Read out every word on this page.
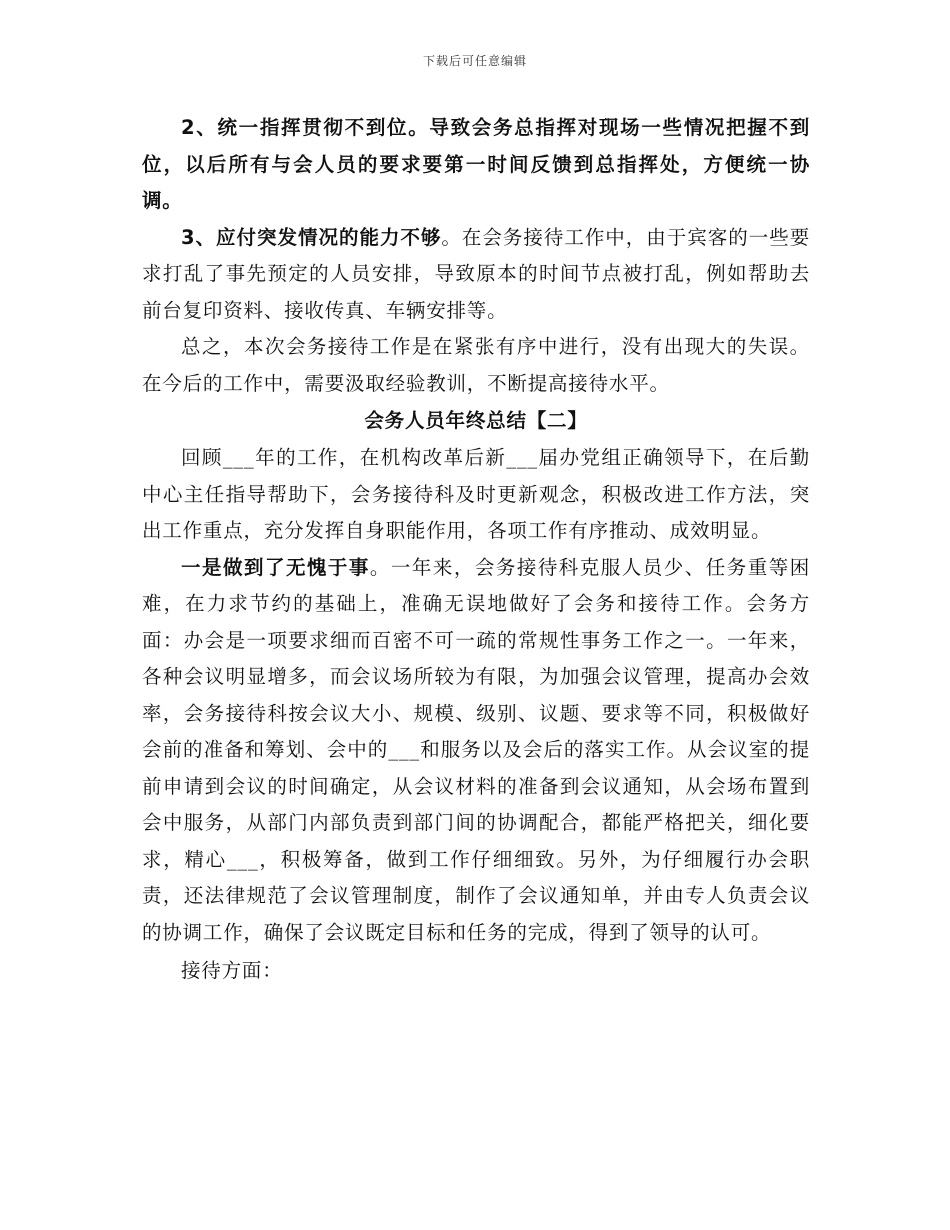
下载后可任意编辑

2、统一指挥贯彻不到位。导致会务总指挥对现场一些情况把握不到位，以后所有与会人员的要求要第一时间反馈到总指挥处，方便统一协调。

3、应付突发情况的能力不够。在会务接待工作中，由于宾客的一些要求打乱了事先预定的人员安排，导致原本的时间节点被打乱，例如帮助去前台复印资料、接收传真、车辆安排等。

总之，本次会务接待工作是在紧张有序中进行，没有出现大的失误。在今后的工作中，需要汲取经验教训，不断提高接待水平。

会务人员年终总结【二】

回顾___年的工作，在机构改革后新___届办党组正确领导下，在后勤中心主任指导帮助下，会务接待科及时更新观念，积极改进工作方法，突出工作重点，充分发挥自身职能作用，各项工作有序推动、成效明显。

一是做到了无愧于事。一年来，会务接待科克服人员少、任务重等困难，在力求节约的基础上，准确无误地做好了会务和接待工作。会务方面：办会是一项要求细而百密不可一疏的常规性事务工作之一。一年来，各种会议明显增多，而会议场所较为有限，为加强会议管理，提高办会效率，会务接待科按会议大小、规模、级别、议题、要求等不同，积极做好会前的准备和筹划、会中的___和服务以及会后的落实工作。从会议室的提前申请到会议的时间确定，从会议材料的准备到会议通知，从会场布置到会中服务，从部门内部负责到部门间的协调配合，都能严格把关，细化要求，精心___，积极筹备，做到工作仔细细致。另外，为仔细履行办会职责，还法律规范了会议管理制度，制作了会议通知单，并由专人负责会议的协调工作，确保了会议既定目标和任务的完成，得到了领导的认可。

接待方面：
